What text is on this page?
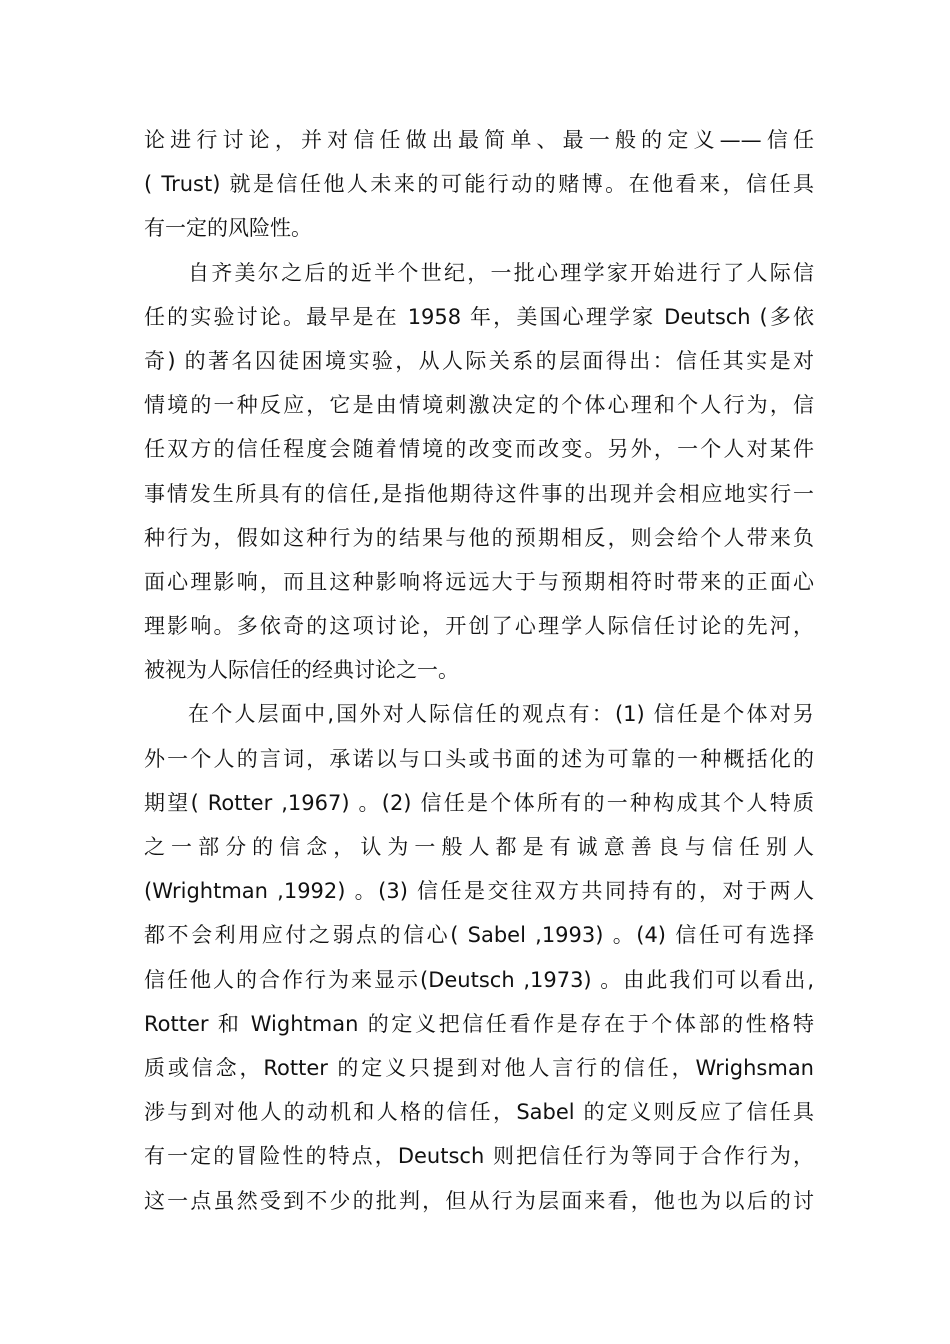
论进行讨论，并对信任做出最简单、最一般的定义——信任
( Trust) 就是信任他人未来的可能行动的赌博。在他看来，信任具
有一定的风险性。
自齐美尔之后的近半个世纪，一批心理学家开始进行了人际信
任的实验讨论。最早是在 1958 年，美国心理学家 Deutsch (多依
奇) 的著名囚徒困境实验，从人际关系的层面得出：信任其实是对
情境的一种反应，它是由情境刺激决定的个体心理和个人行为，信
任双方的信任程度会随着情境的改变而改变。另外，一个人对某件
事情发生所具有的信任,是指他期待这件事的出现并会相应地实行一
种行为，假如这种行为的结果与他的预期相反，则会给个人带来负
面心理影响，而且这种影响将远远大于与预期相符时带来的正面心
理影响。多依奇的这项讨论，开创了心理学人际信任讨论的先河，
被视为人际信任的经典讨论之一。
在个人层面中,国外对人际信任的观点有：(1) 信任是个体对另
外一个人的言词，承诺以与口头或书面的述为可靠的一种概括化的
期望( Rotter ,1967) 。(2) 信任是个体所有的一种构成其个人特质
之一部分的信念，认为一般人都是有诚意善良与信任别人
(Wrightman ,1992) 。(3) 信任是交往双方共同持有的，对于两人
都不会利用应付之弱点的信心( Sabel ,1993) 。(4) 信任可有选择
信任他人的合作行为来显示(Deutsch ,1973) 。由此我们可以看出,
Rotter 和 Wightman 的定义把信任看作是存在于个体部的性格特
质或信念，Rotter 的定义只提到对他人言行的信任，Wrighsman
涉与到对他人的动机和人格的信任，Sabel 的定义则反应了信任具
有一定的冒险性的特点，Deutsch 则把信任行为等同于合作行为，
这一点虽然受到不少的批判，但从行为层面来看，他也为以后的讨
